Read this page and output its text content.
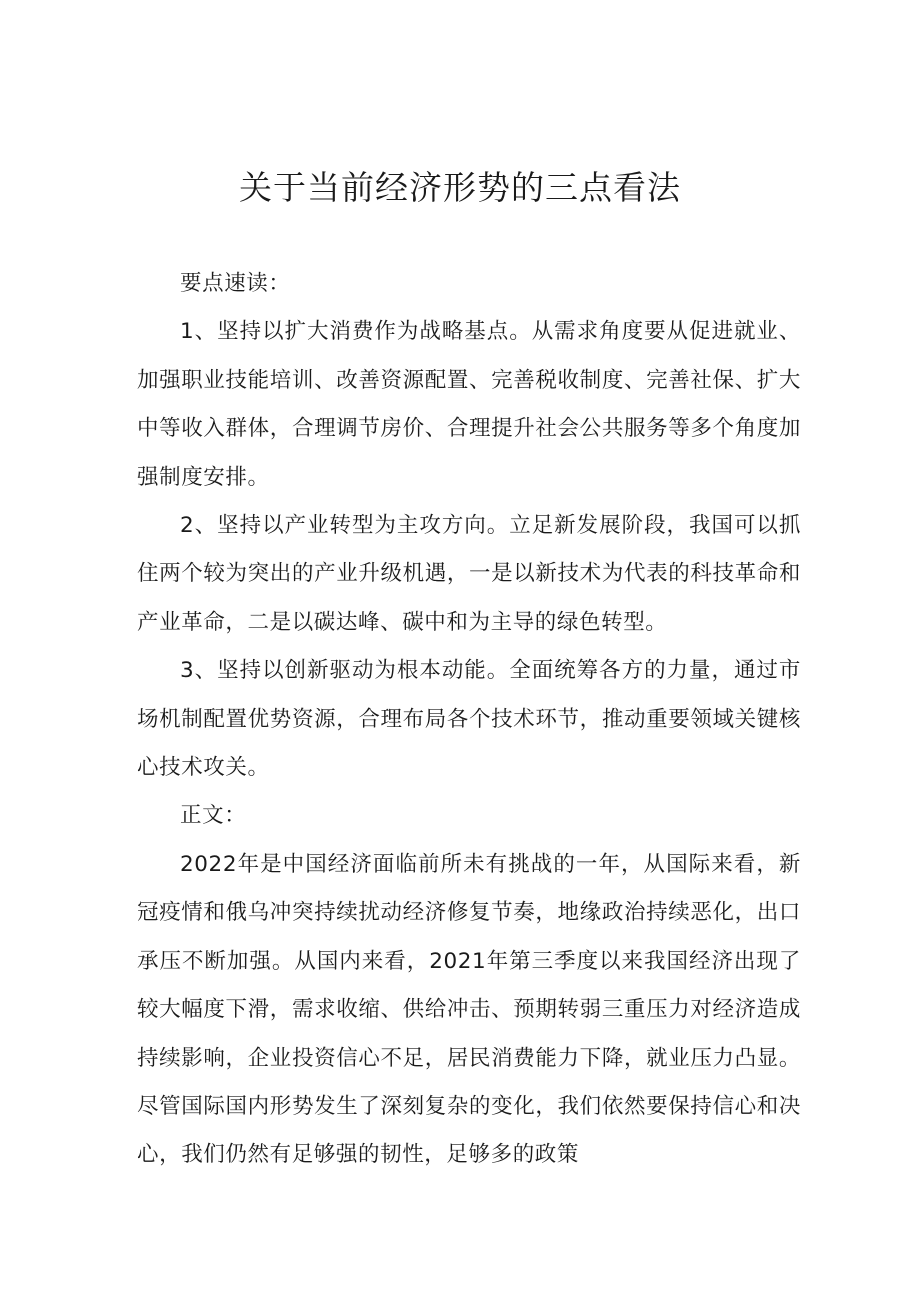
关于当前经济形势的三点看法

要点速读：

1、坚持以扩大消费作为战略基点。从需求角度要从促进就业、加强职业技能培训、改善资源配置、完善税收制度、完善社保、扩大中等收入群体，合理调节房价、合理提升社会公共服务等多个角度加强制度安排。

2、坚持以产业转型为主攻方向。立足新发展阶段，我国可以抓住两个较为突出的产业升级机遇，一是以新技术为代表的科技革命和产业革命，二是以碳达峰、碳中和为主导的绿色转型。

3、坚持以创新驱动为根本动能。全面统筹各方的力量，通过市场机制配置优势资源，合理布局各个技术环节，推动重要领域关键核心技术攻关。

正文：

2022年是中国经济面临前所未有挑战的一年，从国际来看，新冠疫情和俄乌冲突持续扰动经济修复节奏，地缘政治持续恶化，出口承压不断加强。从国内来看，2021年第三季度以来我国经济出现了较大幅度下滑，需求收缩、供给冲击、预期转弱三重压力对经济造成持续影响，企业投资信心不足，居民消费能力下降，就业压力凸显。尽管国际国内形势发生了深刻复杂的变化，我们依然要保持信心和决心，我们仍然有足够强的韧性，足够多的政策
